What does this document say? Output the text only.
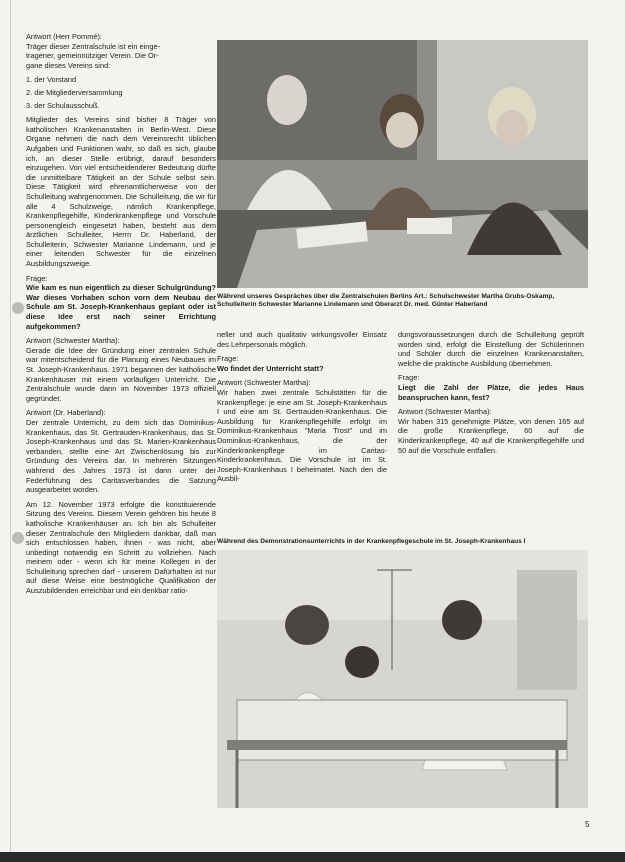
Antwort (Herr Pommé):
Träger dieser Zentralschule ist ein einge-
tragener, gemeinnütziger Verein. Die Or-
gane dieses Vereins sind:

1. der Vorstand
2. die Mitgliederversammlung
3. der Schulausschuß.

Mitglieder des Vereins sind bisher 8 Träger von katholischen Krankenanstalten in Berlin-West. Diese Organe nehmen die nach dem Vereinsrecht üblichen Aufgaben und Funktionen wahr, so daß es sich, glaube ich, an dieser Stelle erübrigt, darauf besonders einzugehen. Von viel entscheidenderer Bedeutung dürfte die unmittelbare Tätigkeit an der Schule selbst sein. Diese Tätigkeit wird ehrenamtlicherweise von der Schulleitung wahrgenommen. Die Schulleitung, die wir für alle 4 Schulzweige, nämlich Krankenpflege, Krankenpflegehilfe, Kinderkrankenpflege und Vorschule personengleich eingesetzt haben, besteht aus dem ärztlichen Schulleiter, Herrn Dr. Haberland, der Schulleiterin, Schwester Marianne Lindemann, und je einer leitenden Schwester für die einzelnen Ausbildungszweige.

Frage:
Wie kam es nun eigentlich zu dieser Schulgründung? War dieses Vorhaben schon vorn dem Neubau der Schule am St. Joseph-Krankenhaus geplant oder ist diese Idee erst nach seiner Errichtung aufgekommen?

Antwort (Schwester Martha):
Gerade die Idee der Gründung einer zentralen Schule war mitentscheidend für die Planung eines Neubaues im St. Joseph-Krankenhaus. 1971 begannen der katholische Krankenhäuser mit einem vorläufigen Unterricht. Die Zentralschule wurde dann im November 1973 offiziell gegründet.

Antwort (Dr. Haberland):
Der zentrale Unterricht, zu dem sich das Dominikus-Krankenhaus, das St. Gertrauden-Krankenhaus, das St. Joseph-Krankenhaus und das St. Marien-Krankenhaus verbanden, stellte eine Art Zwischenlösung bis zur Gründung des Vereins dar. In mehreren Sitzungen während des Jahres 1973 ist dann unter der Federführung des Caritasverbandes die Satzung ausgearbeitet worden.

Am 12. November 1973 erfolgte die konstituierende Sitzung des Vereins. Diesem Verein gehören bis heute 8 katholische Krankenhäuser an. Ich bin als Schulleiter dieser Zentralschule den Mitgliedern dankbar, daß man sich entschlossen haben, ihnen - was nicht, aber unbedingt notwendig ein Schritt zu vollziehen. Nach meinem oder - wenn ich für meine Kollegen in der Schulleitung sprechen darf - unserem Dafürhalten ist nur auf diese Weise eine bestmögliche Qualifikation der Auszubildenden erreichbar und ein denkbar ratio-

Während unseres Gespräches über die Zentralschulen Berlins Art.: Schulschwester Martha Grubs-Oskamp, Schulleiterin Schwester Marianne Lindemann und Oberarzt Dr. med. Günter Haberland

neller und auch qualitativ wirkungsvoller Einsatz des Lehrpersonals möglich.

Frage:
Wo findet der Unterricht statt?

Antwort (Schwester Martha):
Wir haben zwei zentrale Schulstätten für die Krankenpflege: je eine am St. Joseph-Krankenhaus I und eine am St. Gertrauden-Krankenhaus. Die Ausbildung für Krankenpflegehilfe erfolgt im Dominikus-Krankenhaus "Maria Trost" und im Dominikus-Krankenhaus, die der Kinderkrankenpflege im Caritas-Kinderkrankenhaus. Die Vorschule ist im St. Joseph-Krankenhaus I beheimatet. Nach den die Ausbil-

dungsvoraussetzungen durch die Schulleitung geprüft worden sind, erfolgt die Einstellung der Schülerinnen und Schüler durch die einzelnen Krankenanstalten, welche die praktische Ausbildung übernehmen.

Frage:
Liegt die Zahl der Plätze, die jedes Haus beanspruchen kann, fest?

Antwort (Schwester Martha):
Wir haben 315 genehmigte Plätze, von denen 165 auf die große Krankenpflege, 60 auf die Kinderkrankenpflege, 40 auf die Krankenpflegehilfe und 50 auf die Vorschule entfallen.

Während des Demonstrationsunterrichts in der Krankenpflegeschule im St. Joseph-Krankenhaus I
5
